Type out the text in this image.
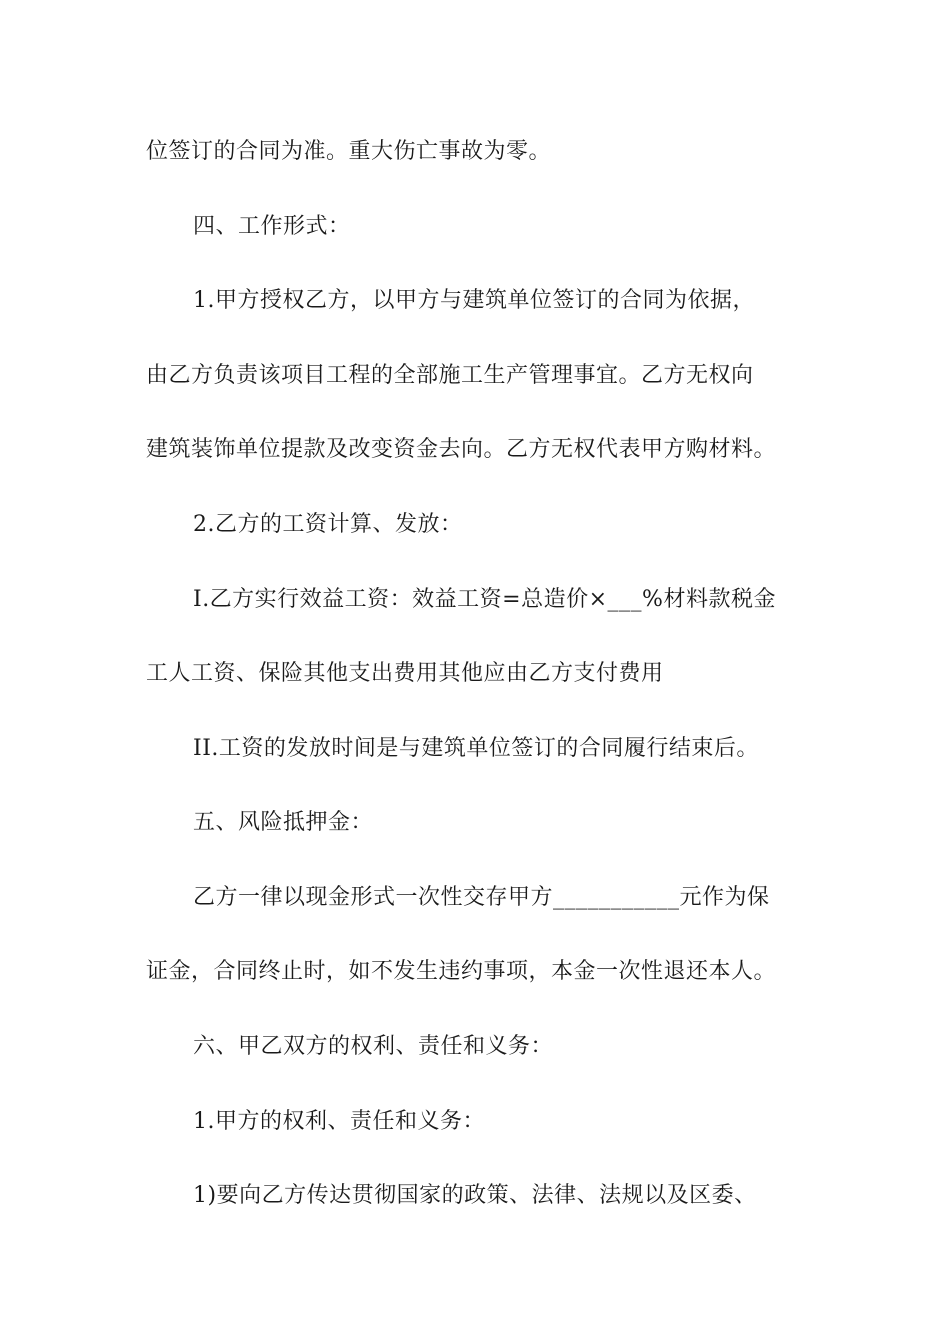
位签订的合同为准。重大伤亡事故为零。
四、工作形式：
1.甲方授权乙方，以甲方与建筑单位签订的合同为依据，
由乙方负责该项目工程的全部施工生产管理事宜。乙方无权向
建筑装饰单位提款及改变资金去向。乙方无权代表甲方购材料。
2.乙方的工资计算、发放：
I.乙方实行效益工资：效益工资=总造价×___%材料款税金
工人工资、保险其他支出费用其他应由乙方支付费用
II.工资的发放时间是与建筑单位签订的合同履行结束后。
五、风险抵押金：
乙方一律以现金形式一次性交存甲方___________元作为保
证金，合同终止时，如不发生违约事项，本金一次性退还本人。
六、甲乙双方的权利、责任和义务：
1.甲方的权利、责任和义务：
1)要向乙方传达贯彻国家的政策、法律、法规以及区委、
